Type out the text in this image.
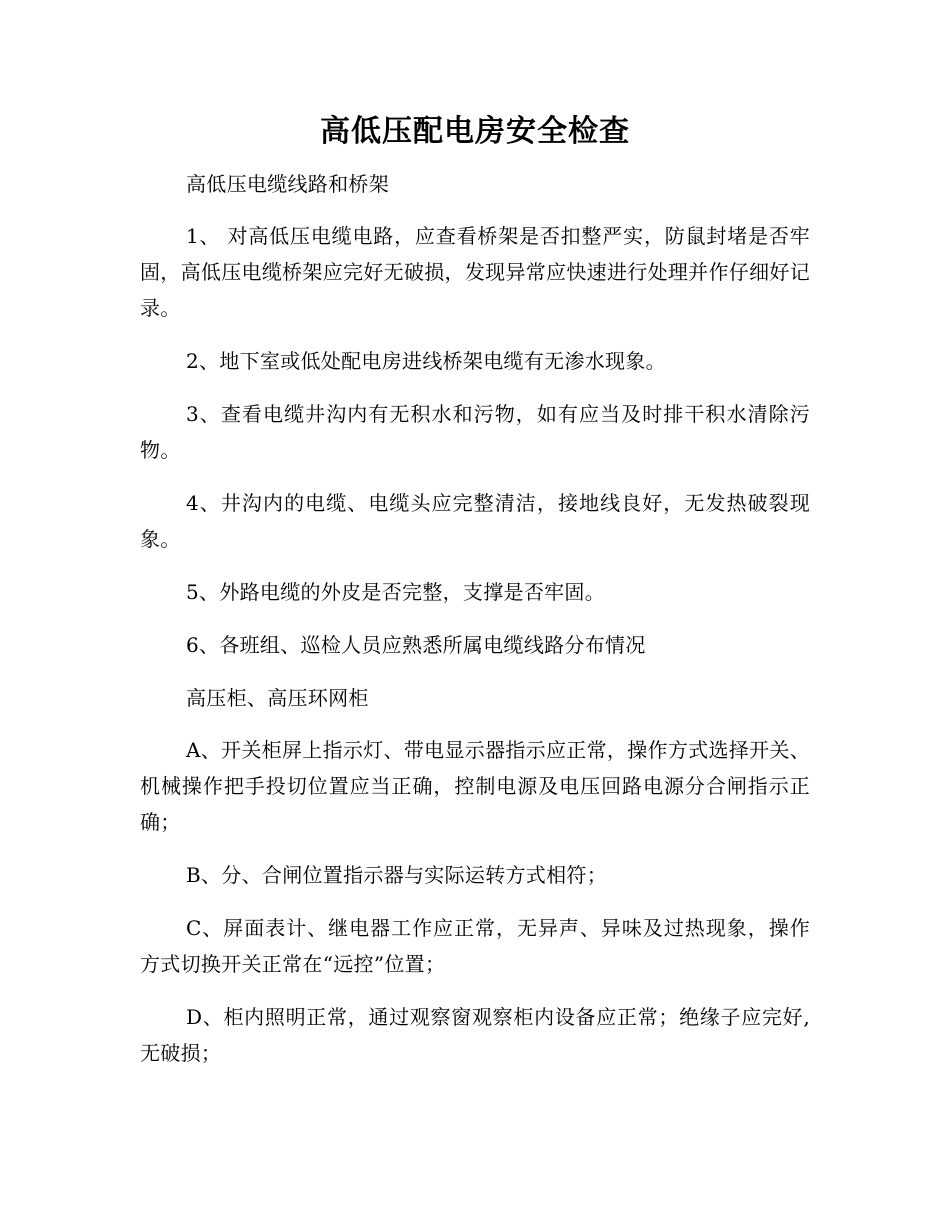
高低压配电房安全检查

高低压电缆线路和桥架

1、 对高低压电缆电路，应查看桥架是否扣整严实，防鼠封堵是否牢固，高低压电缆桥架应完好无破损，发现异常应快速进行处理并作仔细好记录。

2、地下室或低处配电房进线桥架电缆有无渗水现象。

3、查看电缆井沟内有无积水和污物，如有应当及时排干积水清除污物。

4、井沟内的电缆、电缆头应完整清洁，接地线良好，无发热破裂现象。

5、外路电缆的外皮是否完整，支撑是否牢固。

6、各班组、巡检人员应熟悉所属电缆线路分布情况

高压柜、高压环网柜

A、开关柜屏上指示灯、带电显示器指示应正常，操作方式选择开关、机械操作把手投切位置应当正确，控制电源及电压回路电源分合闸指示正确；

B、分、合闸位置指示器与实际运转方式相符；

C、屏面表计、继电器工作应正常，无异声、异味及过热现象，操作方式切换开关正常在“远控”位置；

D、柜内照明正常，通过观察窗观察柜内设备应正常；绝缘子应完好,无破损；
